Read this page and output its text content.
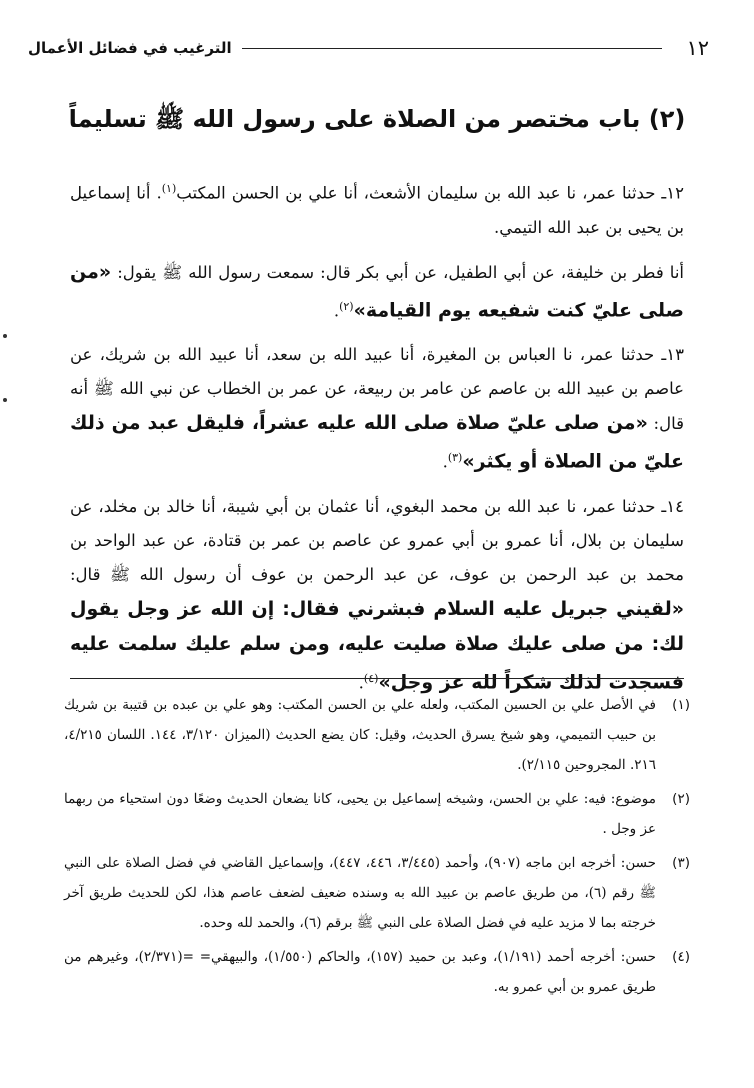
١٢
الترغيب في فضائل الأعمال
(٢) باب مختصر من الصلاة على رسول الله ﷺ تسليماً

١٢ـ حدثنا عمر، نا عبد الله بن سليمان الأشعث، أنا علي بن الحسن المكتب$^{(١)}$. أنا إسماعيل بن يحيى بن عبد الله التيمي.

أنا فطر بن خليفة، عن أبي الطفيل، عن أبي بكر قال: سمعت رسول الله ﷺ يقول: «من صلى عليّ كنت شفيعه يوم القيامة»$^{(٢)}$.

١٣ـ حدثنا عمر، نا العباس بن المغيرة، أنا عبيد الله بن سعد، أنا عبيد الله بن شريك، عن عاصم بن عبيد الله بن عاصم عن عامر بن ربيعة، عن عمر بن الخطاب عن نبي الله ﷺ أنه قال: «من صلى عليّ صلاة صلى الله عليه عشراً، فليقل عبد من ذلك عليّ من الصلاة أو يكثر»$^{(٣)}$.

١٤ـ حدثنا عمر، نا عبد الله بن محمد البغوي، أنا عثمان بن أبي شيبة، أنا خالد بن مخلد، عن سليمان بن بلال، أنا عمرو بن أبي عمرو عن عاصم بن عمر بن قتادة، عن عبد الواحد بن محمد بن عبد الرحمن بن عوف، عن عبد الرحمن بن عوف أن رسول الله ﷺ قال: «لقيني جبريل عليه السلام فبشرني فقال: إن الله عز وجل يقول لك: من صلى عليك صلاة صليت عليه، ومن سلم عليك سلمت عليه فسجدت لذلك شكراً لله عز وجل»$^{(٤)}$.

(١)
في الأصل علي بن الحسين المكتب، ولعله علي بن الحسن المكتب: وهو علي بن عبده بن قتيبة بن شريك بن حبيب التميمي، وهو شيخ يسرق الحديث، وقيل: كان يضع الحديث (الميزان ٣/١٢٠، ١٤٤. اللسان ٤/٢١٥، ٢١٦. المجروحين ٢/١١٥).
(٢)
موضوع: فيه: علي بن الحسن، وشيخه إسماعيل بن يحيى، كانا يضعان الحديث وضعًا دون استحياء من ربهما عز وجل .
(٣)
حسن: أخرجه ابن ماجه (٩٠٧)، وأحمد (٣/٤٤٥، ٤٤٦، ٤٤٧)، وإسماعيل القاضي في فضل الصلاة على النبي ﷺ رقم (٦)، من طريق عاصم بن عبيد الله به وسنده ضعيف لضعف عاصم هذا، لكن للحديث طريق آخر خرجته بما لا مزيد عليه في فضل الصلاة على النبي ﷺ برقم (٦)، والحمد لله وحده.
(٤)
حسن: أخرجه أحمد (١/١٩١)، وعبد بن حميد (١٥٧)، والحاكم (١/٥٥٠)، والبيهقي= =(٢/٣٧١)، وغيرهم من طريق عمرو بن أبي عمرو به.
